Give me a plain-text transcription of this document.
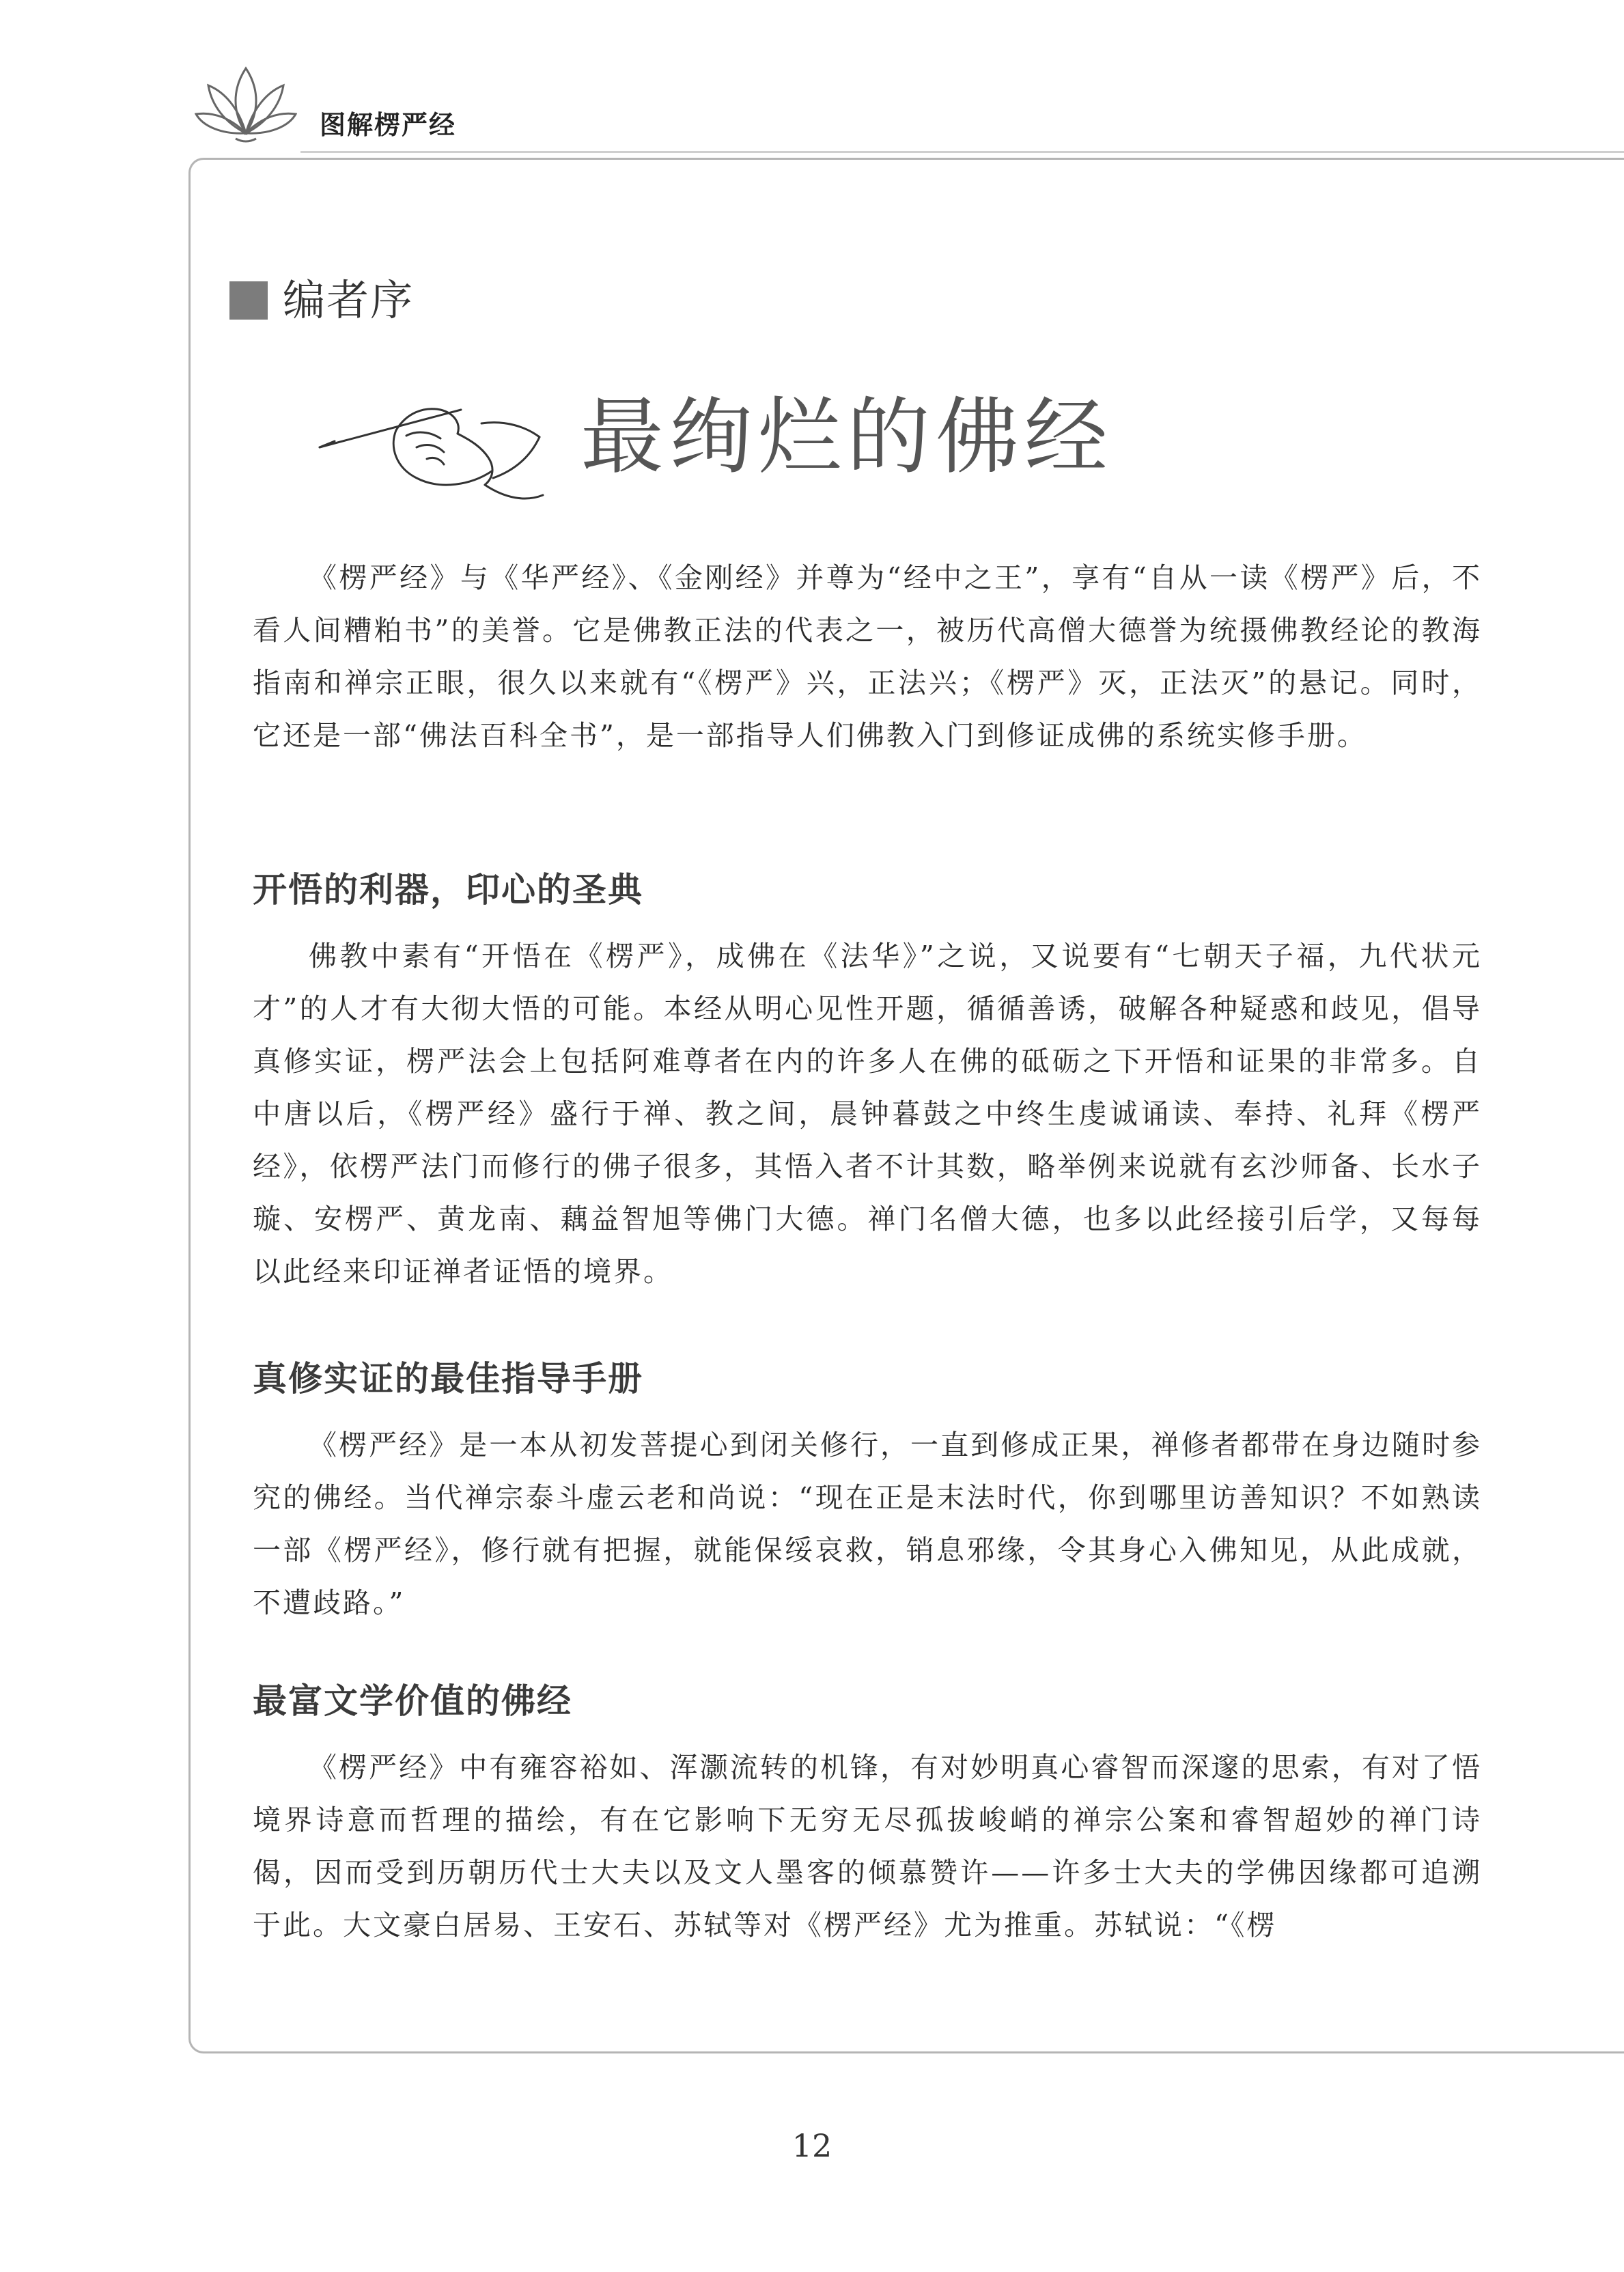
图解楞严经
编者序
最绚烂的佛经

《楞严经》与《华严经》、《金刚经》并尊为“经中之王”，享有“自从一读《楞严》后，不看人间糟粕书”的美誉。它是佛教正法的代表之一，被历代高僧大德誉为统摄佛教经论的教海指南和禅宗正眼，很久以来就有“《楞严》兴，正法兴；《楞严》灭，正法灭”的悬记。同时，它还是一部“佛法百科全书”，是一部指导人们佛教入门到修证成佛的系统实修手册。

开悟的利器，印心的圣典

佛教中素有“开悟在《楞严》，成佛在《法华》”之说，又说要有“七朝天子福，九代状元才”的人才有大彻大悟的可能。本经从明心见性开题，循循善诱，破解各种疑惑和歧见，倡导真修实证，楞严法会上包括阿难尊者在内的许多人在佛的砥砺之下开悟和证果的非常多。自中唐以后，《楞严经》盛行于禅、教之间，晨钟暮鼓之中终生虔诚诵读、奉持、礼拜《楞严经》，依楞严法门而修行的佛子很多，其悟入者不计其数，略举例来说就有玄沙师备、长水子璇、安楞严、黄龙南、藕益智旭等佛门大德。禅门名僧大德，也多以此经接引后学，又每每以此经来印证禅者证悟的境界。

真修实证的最佳指导手册

《楞严经》是一本从初发菩提心到闭关修行，一直到修成正果，禅修者都带在身边随时参究的佛经。当代禅宗泰斗虚云老和尚说：“现在正是末法时代，你到哪里访善知识？不如熟读一部《楞严经》，修行就有把握，就能保绥哀救，销息邪缘，令其身心入佛知见，从此成就，不遭歧路。”

最富文学价值的佛经

《楞严经》中有雍容裕如、浑灏流转的机锋，有对妙明真心睿智而深邃的思索，有对了悟境界诗意而哲理的描绘，有在它影响下无穷无尽孤拔峻峭的禅宗公案和睿智超妙的禅门诗偈，因而受到历朝历代士大夫以及文人墨客的倾慕赞许——许多士大夫的学佛因缘都可追溯于此。大文豪白居易、王安石、苏轼等对《楞严经》尤为推重。苏轼说：“《楞

12
